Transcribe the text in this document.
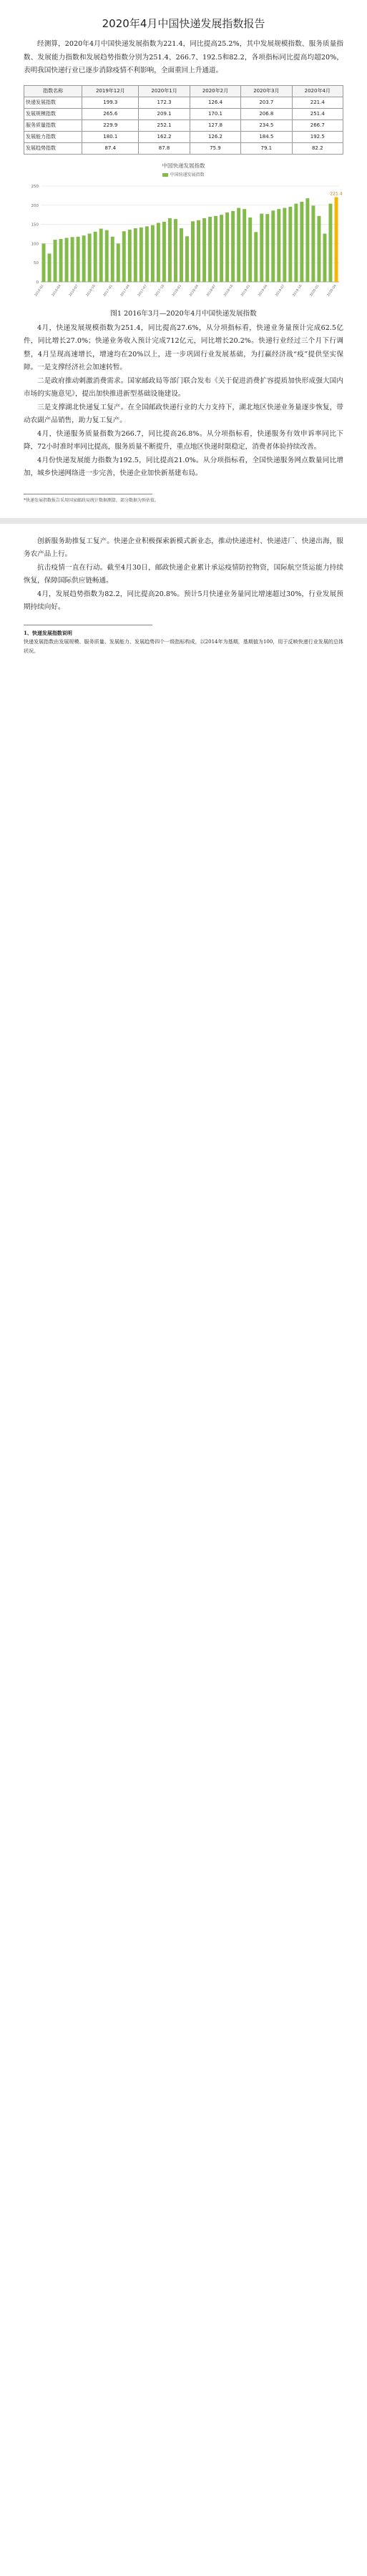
2020年4月中国快递发展指数报告

经测算，2020年4月中国快递发展指数为221.4，同比提高25.2%，其中发展规模指数、服务质量指数、发展能力指数和发展趋势指数分别为251.4、266.7、192.5和82.2，各项指标同比提高均超20%，表明我国快递行业已逐步消除疫情不利影响，全面重回上升通道。

指数名称	2019年12月	2020年1月	2020年2月	2020年3月	2020年4月
快递发展指数	199.3	172.3	126.4	203.7	221.4
发展规模指数	265.6	209.1	170.1	206.8	251.4
服务质量指数	229.9	252.1	127.8	234.5	266.7
发展能力指数	180.1	162.2	126.2	184.5	192.5
发展趋势指数	87.4	87.8	75.9	79.1	82.2
中国快递发展指数
中国快递发展指数
0
50
100
150
200
250
2016-01 2016-04 2016-07 2016-10 2017-01 2017-04 2017-07 2017-10 2018-01 2018-04 2018-07 2018-10 2019-01 2019-04 2019-07 2019-10 2020-01 2020-04
221.4
图1 2016年3月—2020年4月中国快递发展指数

4月，快递发展规模指数为251.4，同比提高27.6%，从分项指标看，快递业务量预计完成62.5亿件，同比增长27.0%；快递业务收入预计完成712亿元，同比增长20.2%。快递行业经过三个月下行调整，4月呈现高速增长，增速均在20%以上，进一步巩固行业发展基础，为打赢经济战“疫”提供坚实保障。一是支撑经济社会加速转暂。

二是政府推动刺激消费需求。国家邮政局等部门联合发布《关于促进消费扩容提质加快形成强大国内市场的实施意见》，提出加快推进新型基础设施建设。

三是支撑湖北快递复工复产。在全国邮政快递行业的大力支持下，湖北地区快递业务量逐步恢复，带动农副产品销售，助力复工复产。

4月，快递服务质量指数为266.7，同比提高26.8%。从分项指标看，快递服务有效申诉率同比下降，72小时准时率同比提高，服务质量不断提升，重点地区快递时限稳定，消费者体验持续改善。

4月份快递发展能力指数为192.5，同比提高21.0%。从分项指标看，全国快递服务网点数量同比增加，城乡快递网络进一步完善，快递企业加快新基建布局。

*快递发展指数报告采用国家邮政局统计数据测算，部分数据为预估值。

创新服务助推复工复产。快递企业积极探索新模式新业态，推动快递进村、快递进厂、快递出海，服务农产品上行。

抗击疫情一直在行动。截至4月30日，邮政快递企业累计承运疫情防控物资，国际航空货运能力持续恢复，保障国际供应链畅通。

4月，发展趋势指数为82.2，同比提高20.8%。预计5月快递业务量同比增速超过30%，行业发展预期持续向好。

1、快递发展指数说明

快递发展指数由发展规模、服务质量、发展能力、发展趋势四个一级指标构成，以2014年为基期，基期值为100，用于反映快递行业发展的总体状况。
